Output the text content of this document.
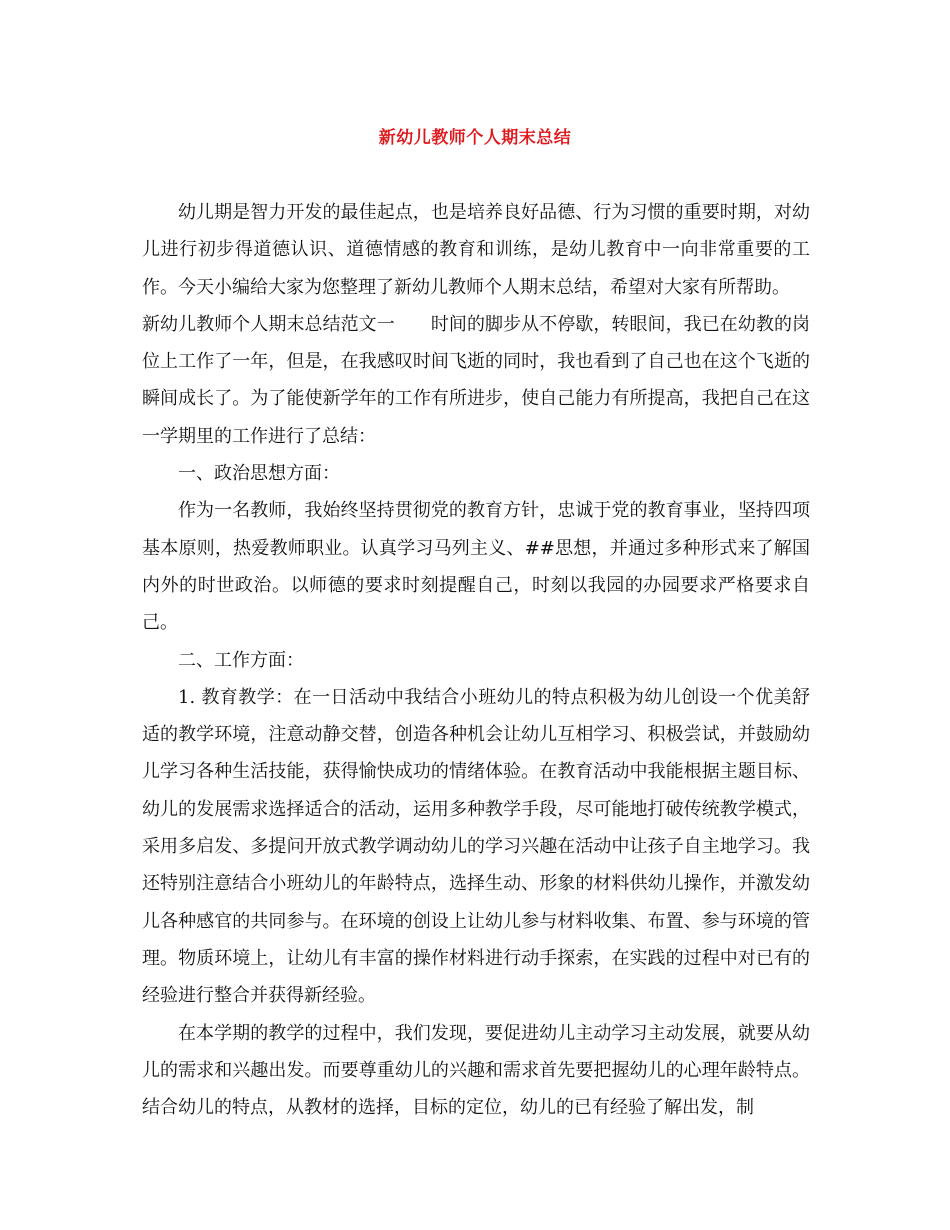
新幼儿教师个人期末总结

幼儿期是智力开发的最佳起点，也是培养良好品德、行为习惯的重要时期，对幼儿进行初步得道德认识、道德情感的教育和训练，是幼儿教育中一向非常重要的工作。今天小编给大家为您整理了新幼儿教师个人期末总结，希望对大家有所帮助。

新幼儿教师个人期末总结范文一 时间的脚步从不停歇，转眼间，我已在幼教的岗位上工作了一年，但是，在我感叹时间飞逝的同时，我也看到了自己也在这个飞逝的瞬间成长了。为了能使新学年的工作有所进步，使自己能力有所提高，我把自己在这一学期里的工作进行了总结：

一、政治思想方面：

作为一名教师，我始终坚持贯彻党的教育方针，忠诚于党的教育事业，坚持四项基本原则，热爱教师职业。认真学习马列主义、##思想，并通过多种形式来了解国内外的时世政治。以师德的要求时刻提醒自己，时刻以我园的办园要求严格要求自己。

二、工作方面：

1. 教育教学：在一日活动中我结合小班幼儿的特点积极为幼儿创设一个优美舒适的教学环境，注意动静交替，创造各种机会让幼儿互相学习、积极尝试，并鼓励幼儿学习各种生活技能，获得愉快成功的情绪体验。在教育活动中我能根据主题目标、幼儿的发展需求选择适合的活动，运用多种教学手段，尽可能地打破传统教学模式，采用多启发、多提问开放式教学调动幼儿的学习兴趣在活动中让孩子自主地学习。我还特别注意结合小班幼儿的年龄特点，选择生动、形象的材料供幼儿操作，并激发幼儿各种感官的共同参与。在环境的创设上让幼儿参与材料收集、布置、参与环境的管理。物质环境上，让幼儿有丰富的操作材料进行动手探索，在实践的过程中对已有的经验进行整合并获得新经验。

在本学期的教学的过程中，我们发现，要促进幼儿主动学习主动发展，就要从幼儿的需求和兴趣出发。而要尊重幼儿的兴趣和需求首先要把握幼儿的心理年龄特点。结合幼儿的特点，从教材的选择，目标的定位，幼儿的已有经验了解出发，制
